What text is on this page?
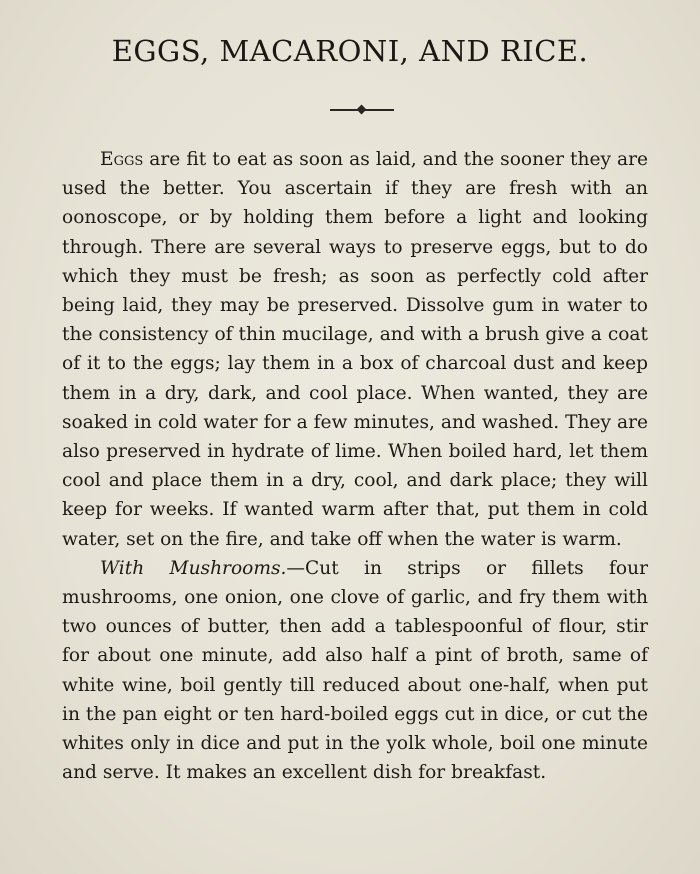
EGGS, MACARONI, AND RICE.

Eggs are fit to eat as soon as laid, and the sooner they are used the better. You ascertain if they are fresh with an oonoscope, or by holding them before a light and looking through. There are several ways to preserve eggs, but to do which they must be fresh; as soon as perfectly cold after being laid, they may be preserved. Dissolve gum in water to the consistency of thin mucilage, and with a brush give a coat of it to the eggs; lay them in a box of charcoal dust and keep them in a dry, dark, and cool place. When wanted, they are soaked in cold water for a few minutes, and washed. They are also preserved in hydrate of lime. When boiled hard, let them cool and place them in a dry, cool, and dark place; they will keep for weeks. If wanted warm after that, put them in cold water, set on the fire, and take off when the water is warm.

With Mushrooms.—Cut in strips or fillets four mushrooms, one onion, one clove of garlic, and fry them with two ounces of butter, then add a tablespoonful of flour, stir for about one minute, add also half a pint of broth, same of white wine, boil gently till reduced about one-half, when put in the pan eight or ten hard-boiled eggs cut in dice, or cut the whites only in dice and put in the yolk whole, boil one minute and serve. It makes an excellent dish for breakfast.
